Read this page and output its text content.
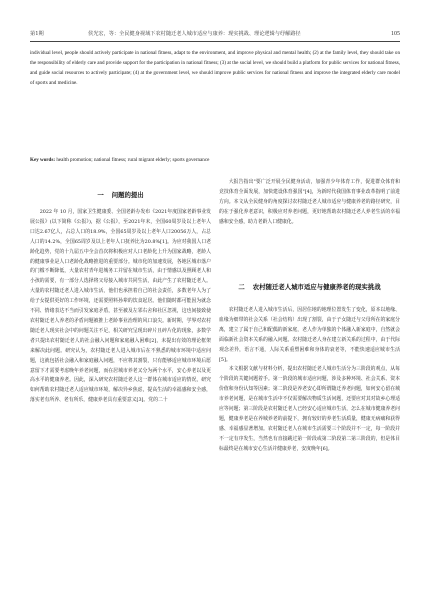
第1期	侯光宏，等：全民健身视域下农村随迁老人城市适应与康养：现实挑战、理论逻辑与纾解路径	105

individual level, people should actively participate in national fitness, adapt to the environment, and improve physical and mental health; (2) at the family level, they should take on the responsibility of elderly care and provide support for the participation in national fitness; (3) at the social level, we should build a platform for public services for national fitness, and guide social resources to actively participate; (4) at the government level, we should improve public services for national fitness and improve the integrated elderly care model of sports and medicine.

Key words: health promotion; national fitness; rural migrant elderly; sports governance
一 问题的提出

2022 年 10 月，国家卫生健康委、全国老龄办发布《2021年度国家老龄事业发展公报》(以下简称《公报》)，据《公报》，至2021年末，全国60周岁及以上老年人口达2.67亿人，占总人口的18.9%，全国65周岁及以上老年人口20056万人，占总人口的14.2%，全国65周岁及以上老年人口抚养比为20.8%[1]。为应对我国人口老龄化趋势，党的十九届五中全会首次将积极应对人口老龄化上升为国家战略，老龄人的健康事业是人口老龄化战略推进的重要部分。城市化的加速发展，各地区城市落户的门槛不断降低，大量农村青年进城务工并留在城市生活，由于情感以及照顾老人和小孩的需要，有一部分人选择将父母接入城市共同生活，由此产生了农村随迁老人。大量的农村随迁老人进入城市生活，他们也承担着自己的社会责任，多数老年人为了给子女提供更好的工作环境，还需要照料孙辈的饮食起居。他们随时都可能因为就念不同、情绪表达不当而引发家庭矛盾，甚至被及左邻右舍和社区忽视，这也间接致使农村随迁老人养老的矛盾问题被推上老龄事业治理的风口浪尖。新时期，学界对农村随迁老人现实社会中的问题关注不足，相关研究呈现出碎片且碎片化的现象，多数学者只提出农村随迁老人的社会融入问题和家庭融入困难[2]，未提出有效的理论框架来解决此问题。研究认为，农村随迁老人进入城市后在不熟悉的城市环境中适应问题，这就包括社会融入和家庭融入问题，不应将其割裂，只有能够适应城市环境后愿意留下才需要考虑晚年养老问题，而在居城市养老又分为两个水平，安心养老以及更高水平的健康养老。因此，深入研究农村随迁老人这一群体在城市适应的情况，研究如何帮助农村随迁老人适应城市环境，解决异乡焦虑，提高生活的幸福感和安全感，落实老有所养、老有所乐，健康养老具有重要意义[3]。党的二十

大报告指出"要广泛开展全民健身活动，加强青少年体育工作，促进群众体育和竞技体育全面发展，加快建设体育强国"[4]，为新时代我国体育事业改革指明了前进方向。本文从全民健身的角度探讨农村随迁老人城市适应与健康养老的路径研究，目的在于强化养老意识，积极应对养老问题，更好地帮助农村随迁老人养老生活的幸福感和安全感，助力老龄人口健康化。

二 农村随迁老人城市适应与健康养老的现实挑战

农村随迁老人进入城市生活后，因居住地的地理位置发生了变化，原本以地缘、血缘为细带的社会关系（社会结构）出现了割裂，由于子女随迁与父母所在的家庭分离，建立了属于自己和配偶的新家庭，老人作为单独的个体融入新家庭中，自然就会面临新社会资本关系的融入问题。农村随迁老人身在建立新关系的过程中，由于代际观念差异，语言不通，人际关系重塑困难和身体的衰老等，不能快速适应城市生活[5]。

本文根据文献与材料分析，提出农村随迁老人城市生活分为三阶段的观点，从每个阶段的关键问题着手。第一阶段的城市适应问题，涉及多种环境、社会关系、资本价值和身份认知等因素；第二阶段是养老安心即所谓随迁养老问题，如何安心留在城市养老问题，是在城市生活中不仅需要解决物质生活问题，还要应对其对故乡心理适应等问题；第三阶段是农村随迁老人已经安心适应城市生活，怎么在城市健康养老问题，健康养老是在养城养老的前提下，拥有较好的养老生活质量，健康无病痛和获得感、幸福感显著增加。农村随迁老人在城市生活需要三个阶段并不一定，每一阶段并不一定有序发生，当然也有直接跳过第一阶段或第二阶段第二第三阶段的，但是体目标最终是在城市安心生活并健康养老，安度晚年[6]。
